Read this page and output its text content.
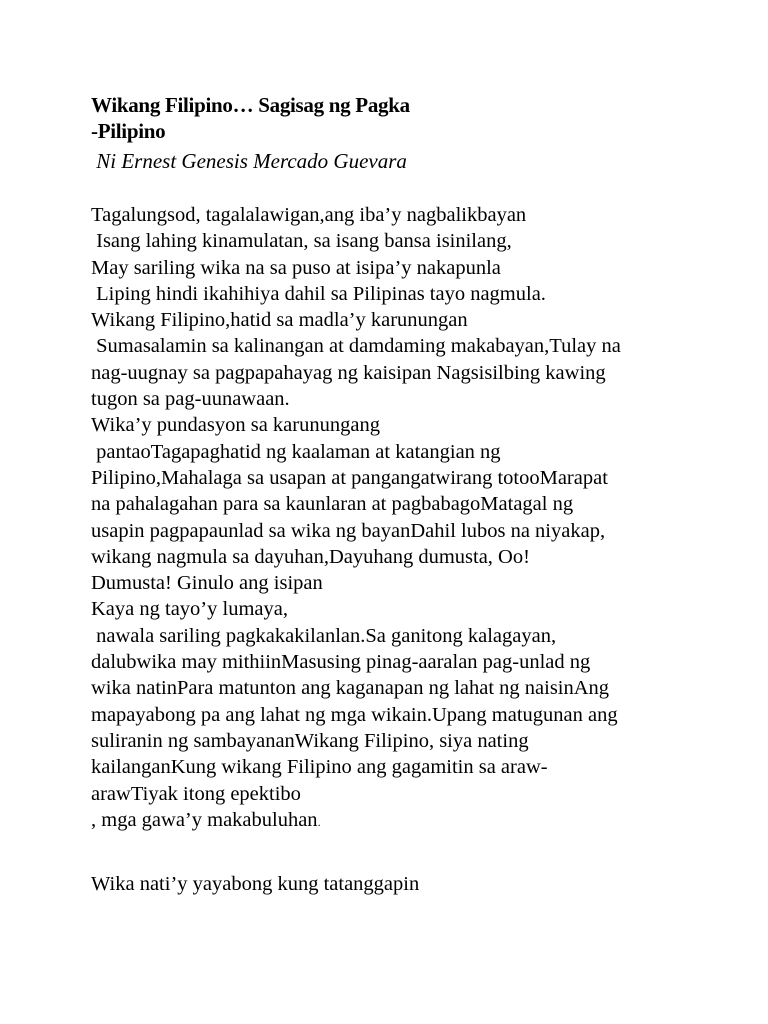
Wikang Filipino… Sagisag ng Pagka
-Pilipino
Ni Ernest Genesis Mercado Guevara
Tagalungsod, tagalalawigan,ang iba’y nagbalikbayan
Isang lahing kinamulatan, sa isang bansa isinilang,
May sariling wika na sa puso at isipa’y nakapunla
Liping hindi ikahihiya dahil sa Pilipinas tayo nagmula.
Wikang Filipino,hatid sa madla’y karunungan
Sumasalamin sa kalinangan at damdaming makabayan,Tulay na
nag-uugnay sa pagpapahayag ng kaisipan Nagsisilbing kawing
tugon sa pag-uunawaan.
Wika’y pundasyon sa karunungang
pantaoTagapaghatid ng kaalaman at katangian ng
Pilipino,Mahalaga sa usapan at pangangatwirang totooMarapat
na pahalagahan para sa kaunlaran at pagbabagoMatagal ng
usapin pagpapaunlad sa wika ng bayanDahil lubos na niyakap,
wikang nagmula sa dayuhan,Dayuhang dumusta, Oo!
Dumusta! Ginulo ang isipan
Kaya ng tayo’y lumaya,
nawala sariling pagkakakilanlan.Sa ganitong kalagayan,
dalubwika may mithiinMasusing pinag-aaralan pag-unlad ng
wika natinPara matunton ang kaganapan ng lahat ng naisinAng
mapayabong pa ang lahat ng mga wikain.Upang matugunan ang
suliranin ng sambayananWikang Filipino, siya nating
kailanganKung wikang Filipino ang gagamitin sa araw-
arawTiyak itong epektibo
, mga gawa’y makabuluhan.
Wika nati’y yayabong kung tatanggapin
